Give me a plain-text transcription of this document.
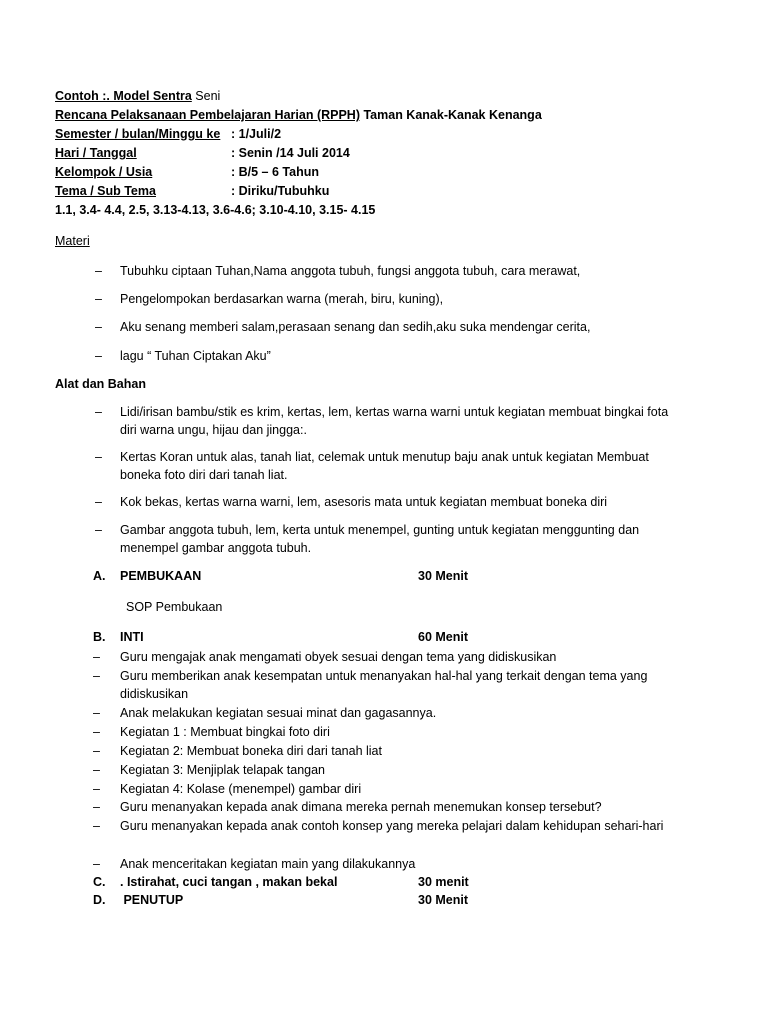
Contoh :. Model Sentra Seni
Rencana Pelaksanaan Pembelajaran Harian (RPPH) Taman Kanak-Kanak Kenanga
Semester / bulan/Minggu ke : 1/Juli/2
Hari / Tanggal	: Senin /14 Juli 2014
Kelompok / Usia	: B/5 – 6 Tahun
Tema / Sub Tema	: Diriku/Tubuhku
1.1, 3.4- 4.4, 2.5, 3.13-4.13, 3.6-4.6; 3.10-4.10, 3.15- 4.15
Materi
– Tubuhku ciptaan Tuhan,Nama anggota tubuh, fungsi anggota tubuh, cara merawat,
– Pengelompokan berdasarkan warna (merah, biru, kuning),
– Aku senang memberi salam,perasaan senang dan sedih,aku suka mendengar cerita,
– lagu “ Tuhan Ciptakan Aku”
Alat dan Bahan
– Lidi/irisan bambu/stik es krim, kertas, lem, kertas warna warni untuk kegiatan membuat bingkai fota diri warna ungu, hijau dan jingga:.
– Kertas Koran untuk alas, tanah liat, celemak untuk menutup baju anak untuk kegiatan Membuat boneka foto diri dari tanah liat.
– Kok bekas, kertas warna warni, lem, asesoris mata untuk kegiatan membuat boneka diri
– Gambar anggota tubuh, lem, kerta untuk menempel, gunting untuk kegiatan menggunting dan menempel gambar anggota tubuh.
A. PEMBUKAAN	30 Menit
SOP Pembukaan
B. INTI	60 Menit
– Guru mengajak anak mengamati obyek sesuai dengan tema yang didiskusikan
– Guru memberikan anak kesempatan untuk menanyakan hal-hal yang terkait dengan tema yang didiskusikan
– Anak melakukan kegiatan sesuai minat dan gagasannya.
– Kegiatan 1 : Membuat bingkai foto diri
– Kegiatan 2: Membuat boneka diri dari tanah liat
– Kegiatan 3: Menjiplak telapak tangan
– Kegiatan 4: Kolase (menempel) gambar diri
– Guru menanyakan kepada anak dimana mereka pernah menemukan konsep tersebut?
– Guru menanyakan kepada anak contoh konsep yang mereka pelajari dalam kehidupan sehari-hari
– Anak menceritakan kegiatan main yang dilakukannya
C. . Istirahat, cuci tangan , makan bekal	30 menit
D. PENUTUP	30 Menit
